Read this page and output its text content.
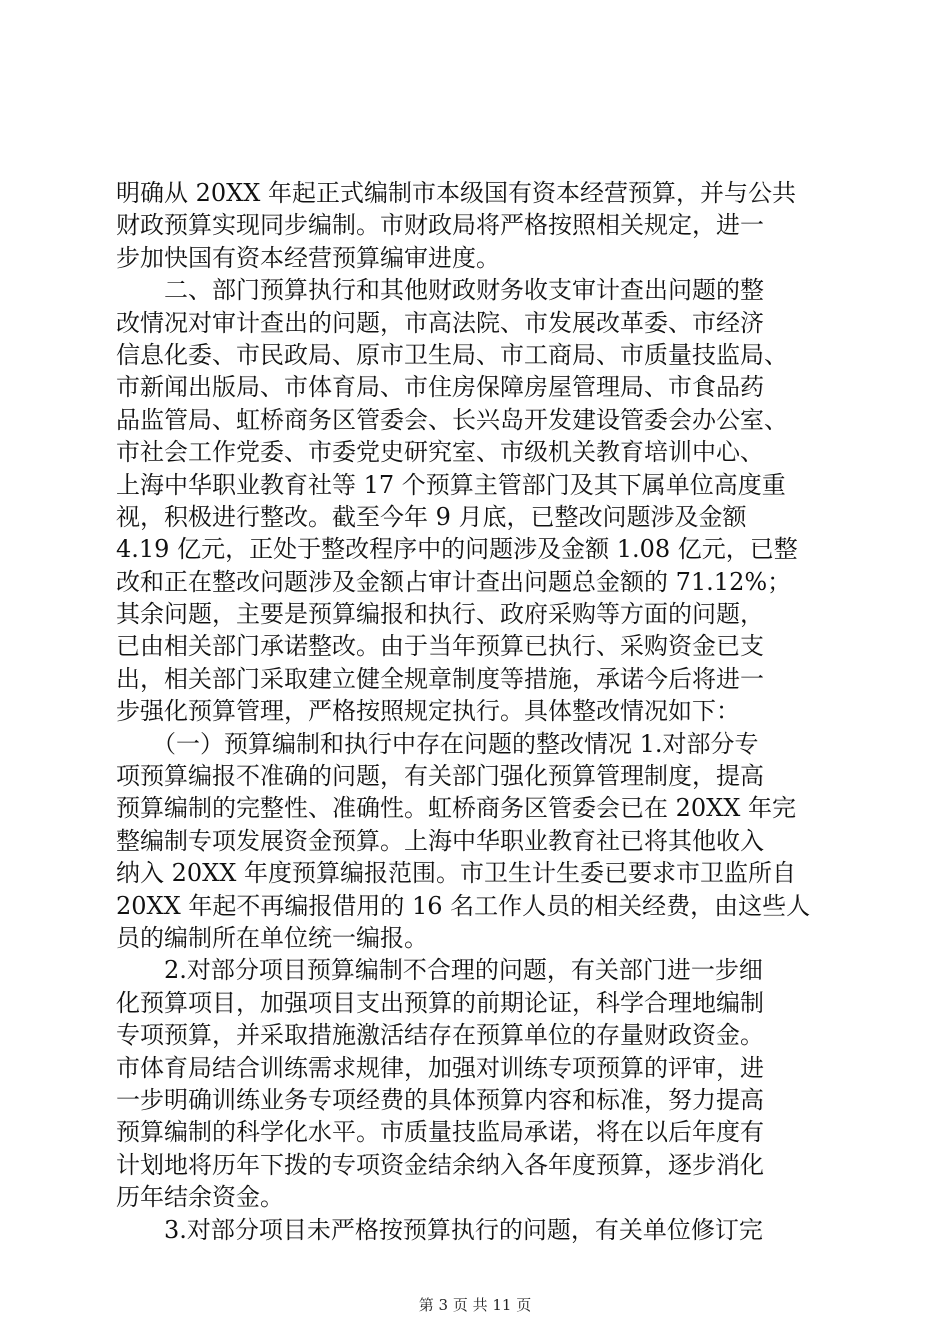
明确从 20XX 年起正式编制市本级国有资本经营预算，并与公共
财政预算实现同步编制。市财政局将严格按照相关规定，进一
步加快国有资本经营预算编审进度。
　　二、部门预算执行和其他财政财务收支审计查出问题的整
改情况对审计查出的问题，市高法院、市发展改革委、市经济
信息化委、市民政局、原市卫生局、市工商局、市质量技监局、
市新闻出版局、市体育局、市住房保障房屋管理局、市食品药
品监管局、虹桥商务区管委会、长兴岛开发建设管委会办公室、
市社会工作党委、市委党史研究室、市级机关教育培训中心、
上海中华职业教育社等 17 个预算主管部门及其下属单位高度重
视，积极进行整改。截至今年 9 月底，已整改问题涉及金额
4.19 亿元，正处于整改程序中的问题涉及金额 1.08 亿元，已整
改和正在整改问题涉及金额占审计查出问题总金额的 71.12%；
其余问题，主要是预算编报和执行、政府采购等方面的问题，
已由相关部门承诺整改。由于当年预算已执行、采购资金已支
出，相关部门采取建立健全规章制度等措施，承诺今后将进一
步强化预算管理，严格按照规定执行。具体整改情况如下：
　　（一）预算编制和执行中存在问题的整改情况 1.对部分专
项预算编报不准确的问题，有关部门强化预算管理制度，提高
预算编制的完整性、准确性。虹桥商务区管委会已在 20XX 年完
整编制专项发展资金预算。上海中华职业教育社已将其他收入
纳入 20XX 年度预算编报范围。市卫生计生委已要求市卫监所自
20XX 年起不再编报借用的 16 名工作人员的相关经费，由这些人
员的编制所在单位统一编报。
　　2.对部分项目预算编制不合理的问题，有关部门进一步细
化预算项目，加强项目支出预算的前期论证，科学合理地编制
专项预算，并采取措施激活结存在预算单位的存量财政资金。
市体育局结合训练需求规律，加强对训练专项预算的评审，进
一步明确训练业务专项经费的具体预算内容和标准，努力提高
预算编制的科学化水平。市质量技监局承诺，将在以后年度有
计划地将历年下拨的专项资金结余纳入各年度预算，逐步消化
历年结余资金。
　　3.对部分项目未严格按预算执行的问题，有关单位修订完
第 3 页 共 11 页
